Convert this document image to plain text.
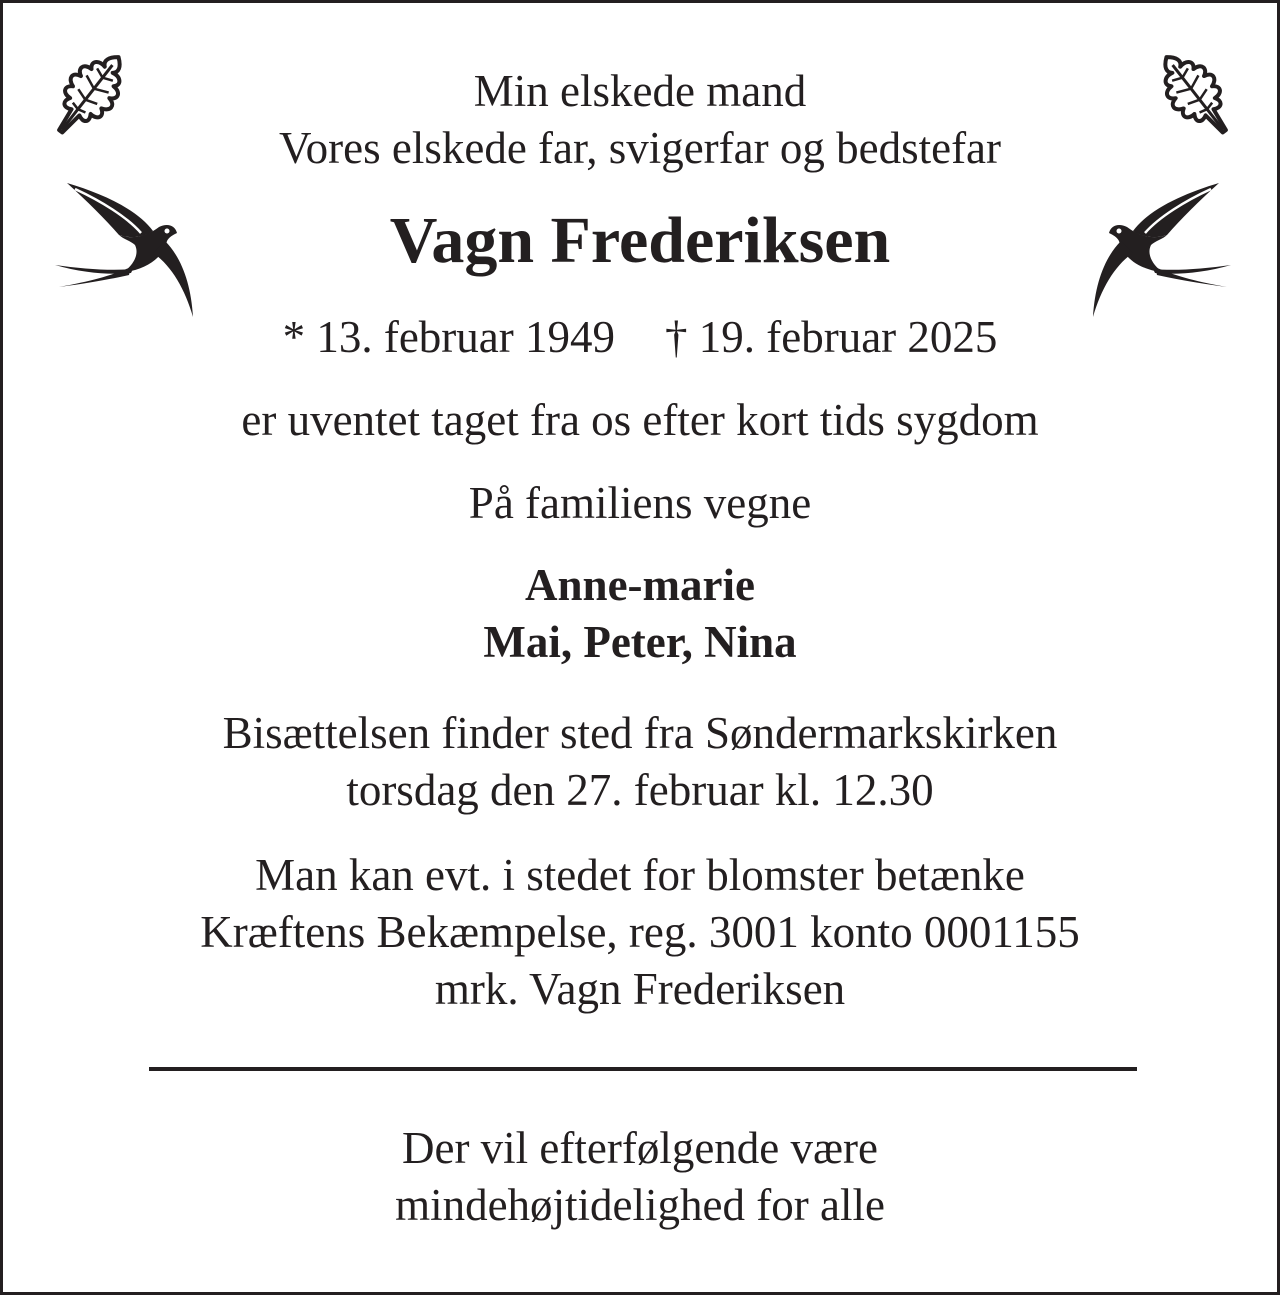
Min elskede mand

Vores elskede far, svigerfar og bedstefar

Vagn Frederiksen

* 13. februar 1949 † 19. februar 2025

er uventet taget fra os efter kort tids sygdom

På familiens vegne

Anne-marie

Mai, Peter, Nina

Bisættelsen finder sted fra Søndermarkskirken

torsdag den 27. februar kl. 12.30

Man kan evt. i stedet for blomster betænke

Kræftens Bekæmpelse, reg. 3001 konto 0001155

mrk. Vagn Frederiksen

Der vil efterfølgende være

mindehøjtidelighed for alle
